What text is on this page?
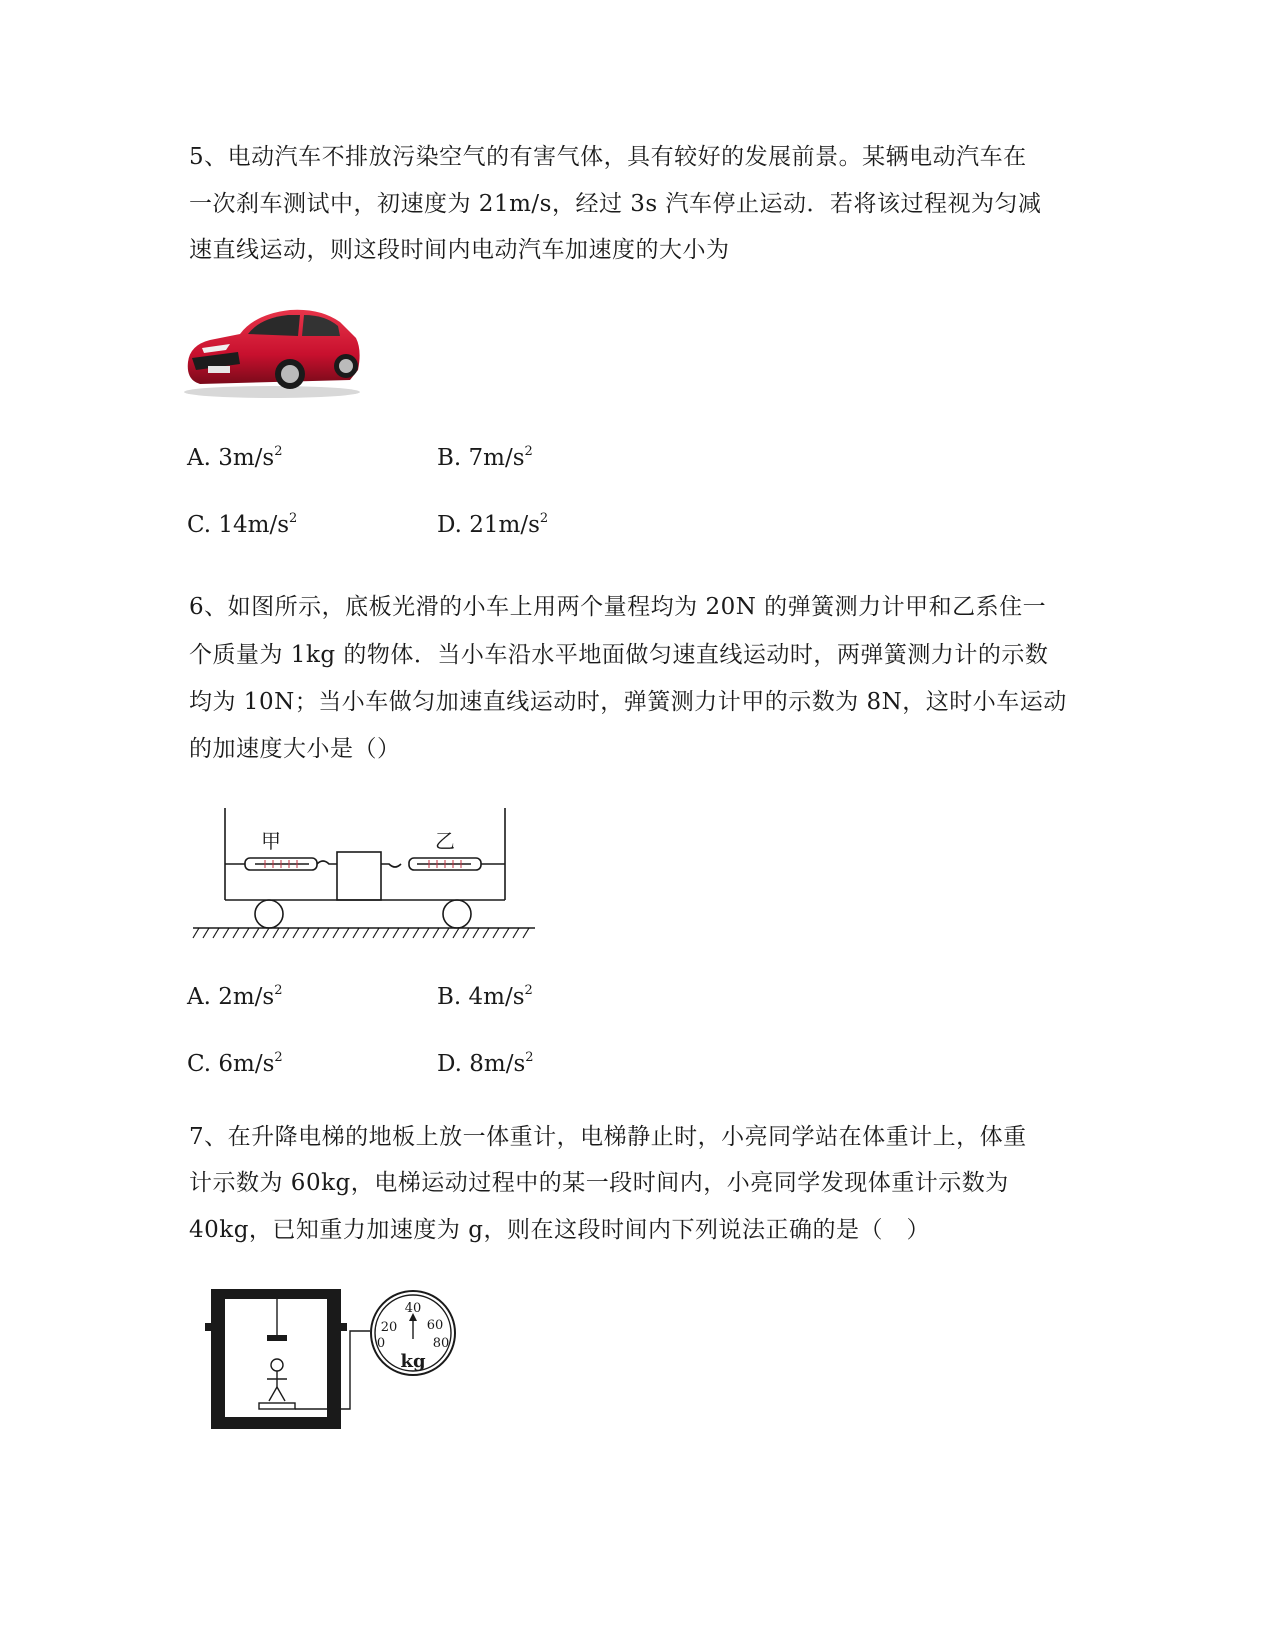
5、电动汽车不排放污染空气的有害气体，具有较好的发展前景。某辆电动汽车在
一次刹车测试中，初速度为 21m/s，经过 3s 汽车停止运动．若将该过程视为匀减
速直线运动，则这段时间内电动汽车加速度的大小为
A. $3m/s^2$	B. $7m/s^2$
C. $14m/s^2$	D. $21m/s^2$
6、如图所示，底板光滑的小车上用两个量程均为 20N 的弹簧测力计甲和乙系住一
个质量为 1kg 的物体．当小车沿水平地面做匀速直线运动时，两弹簧测力计的示数
均为 10N；当小车做匀加速直线运动时，弹簧测力计甲的示数为 8N，这时小车运动
的加速度大小是（）
甲	乙
A. $2m/s^2$	B. $4m/s^2$
C. $6m/s^2$	D. $8m/s^2$
7、在升降电梯的地板上放一体重计，电梯静止时，小亮同学站在体重计上，体重
计示数为 60kg，电梯运动过程中的某一段时间内，小亮同学发现体重计示数为
40kg，已知重力加速度为 g，则在这段时间内下列说法正确的是（　）
0
20
40
60
80
kg
